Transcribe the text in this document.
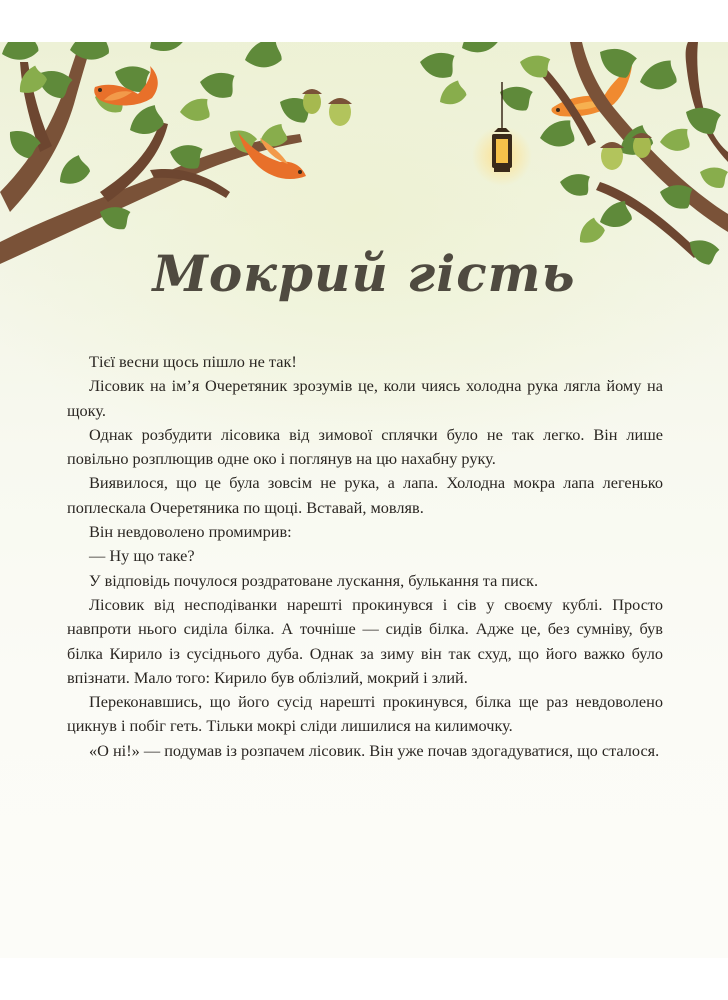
Мокрий гість

Тієї весни щось пішло не так!

Лісовик на ім’я Очеретяник зрозумів це, коли чиясь холодна рука лягла йому на щоку.

Однак розбудити лісовика від зимової сплячки було не так легко. Він лише повільно розплющив одне око і поглянув на цю нахабну руку.

Виявилося, що це була зовсім не рука, а лапа. Холодна мокра лапа легенько поплескала Очеретяника по щоці. Вставай, мовляв.

Він невдоволено промимрив:

— Ну що таке?

У відповідь почулося роздратоване лускання, булькання та писк.

Лісовик від несподіванки нарешті прокинувся і сів у своєму кублі. Просто навпроти нього сиділа білка. А точніше — сидів білка. Адже це, без сумніву, був білка Кирило із сусіднього дуба. Однак за зиму він так схуд, що його важко було впізнати. Мало того: Кирило був облізлий, мокрий і злий.

Переконавшись, що його сусід нарешті прокинувся, білка ще раз невдоволено цикнув і побіг геть. Тільки мокрі сліди лишилися на килимочку.

«О ні!» — подумав із розпачем лісовик. Він уже почав здогадуватися, що сталося.
